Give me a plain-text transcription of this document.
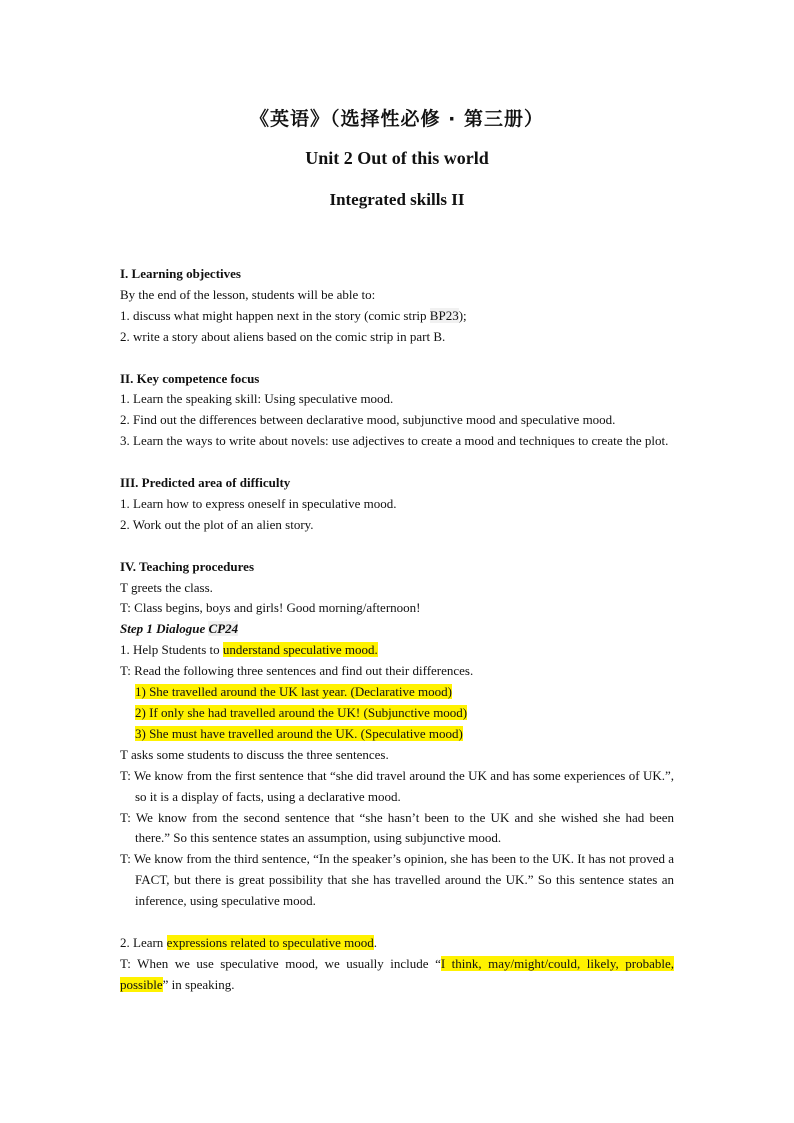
《英语》（选择性必修 · 第三册）
Unit 2 Out of this world
Integrated skills II

I. Learning objectives

By the end of the lesson, students will be able to:

1. discuss what might happen next in the story (comic strip BP23);

2. write a story about aliens based on the comic strip in part B.

II. Key competence focus

1. Learn the speaking skill: Using speculative mood.

2. Find out the differences between declarative mood, subjunctive mood and speculative mood.

3. Learn the ways to write about novels: use adjectives to create a mood and techniques to create the plot.

III. Predicted area of difficulty

1. Learn how to express oneself in speculative mood.

2. Work out the plot of an alien story.

IV. Teaching procedures

T greets the class.

T: Class begins, boys and girls! Good morning/afternoon!

Step 1 Dialogue CP24

1. Help Students to understand speculative mood.

T: Read the following three sentences and find out their differences.

1) She travelled around the UK last year. (Declarative mood)

2) If only she had travelled around the UK! (Subjunctive mood)

3) She must have travelled around the UK. (Speculative mood)

T asks some students to discuss the three sentences.

T: We know from the first sentence that “she did travel around the UK and has some experiences of UK.”, so it is a display of facts, using a declarative mood.

T: We know from the second sentence that “she hasn’t been to the UK and she wished she had been there.” So this sentence states an assumption, using subjunctive mood.

T: We know from the third sentence, “In the speaker’s opinion, she has been to the UK. It has not proved a FACT, but there is great possibility that she has travelled around the UK.” So this sentence states an inference, using speculative mood.

2. Learn expressions related to speculative mood.

T: When we use speculative mood, we usually include “I think, may/might/could, likely, probable, possible” in speaking.
